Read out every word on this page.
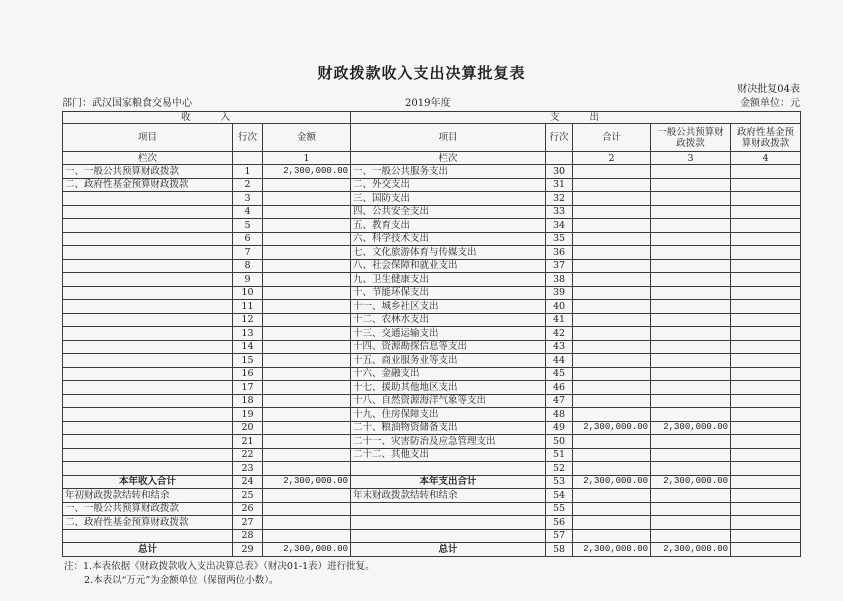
财政拨款收入支出决算批复表
财决批复04表
部门：武汉国家粮食交易中心	2019年度	金额单位：元
收入			支出				
项目	行次	金额	项目	行次	合计	一般公共预算财政拨款	政府性基金预算财政拨款
栏次		1	栏次		2	3	4
一、一般公共预算财政拨款	1	2,300,000.00	一、一般公共服务支出	30			
二、政府性基金预算财政拨款	2		二、外交支出	31			
	3		三、国防支出	32			
	4		四、公共安全支出	33			
	5		五、教育支出	34			
	6		六、科学技术支出	35			
	7		七、文化旅游体育与传媒支出	36			
	8		八、社会保障和就业支出	37			
	9		九、卫生健康支出	38			
	10		十、节能环保支出	39			
	11		十一、城乡社区支出	40			
	12		十二、农林水支出	41			
	13		十三、交通运输支出	42			
	14		十四、资源勘探信息等支出	43			
	15		十五、商业服务业等支出	44			
	16		十六、金融支出	45			
	17		十七、援助其他地区支出	46			
	18		十八、自然资源海洋气象等支出	47			
	19		十九、住房保障支出	48			
	20		二十、粮油物资储备支出	49	2,300,000.00	2,300,000.00	
	21		二十一、灾害防治及应急管理支出	50			
	22		二十二、其他支出	51			
	23			52			
本年收入合计	24	2,300,000.00	本年支出合计	53	2,300,000.00	2,300,000.00	
年初财政拨款结转和结余	25		年末财政拨款结转和结余	54			
一、一般公共预算财政拨款	26			55			
二、政府性基金预算财政拨款	27			56			
	28			57			
总计	29	2,300,000.00	总计	58	2,300,000.00	2,300,000.00	
注：1.本表依据《财政拨款收入支出决算总表》（财决01-1表）进行批复。
2.本表以“万元”为金额单位（保留两位小数）。
